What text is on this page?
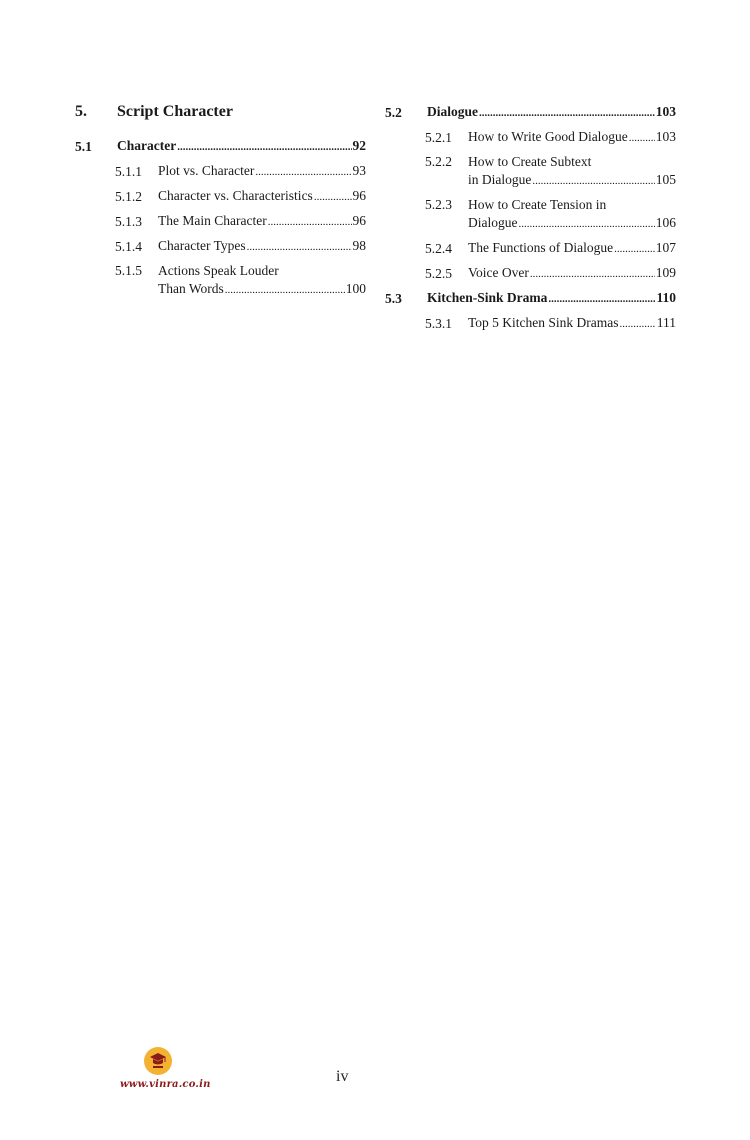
5.	Script Character
5.1	Character .....	92
5.1.1	Plot vs. Character .....	93
5.1.2	Character vs. Characteristics .....	96
5.1.3	The Main Character .....	96
5.1.4	Character Types .....	98
5.1.5	Actions Speak Louder
Than Words .....	100
5.2	Dialogue .....	103
5.2.1	How to Write Good Dialogue ..... 103
5.2.2	How to Create Subtext
in Dialogue .....	105
5.2.3	How to Create Tension in
Dialogue .....	106
5.2.4	The Functions of Dialogue .....	107
5.2.5	Voice Over .....	109
5.3	Kitchen-Sink Drama .....	110
5.3.1	Top 5 Kitchen Sink Dramas .....	111
www.vinra.co.in	iv
